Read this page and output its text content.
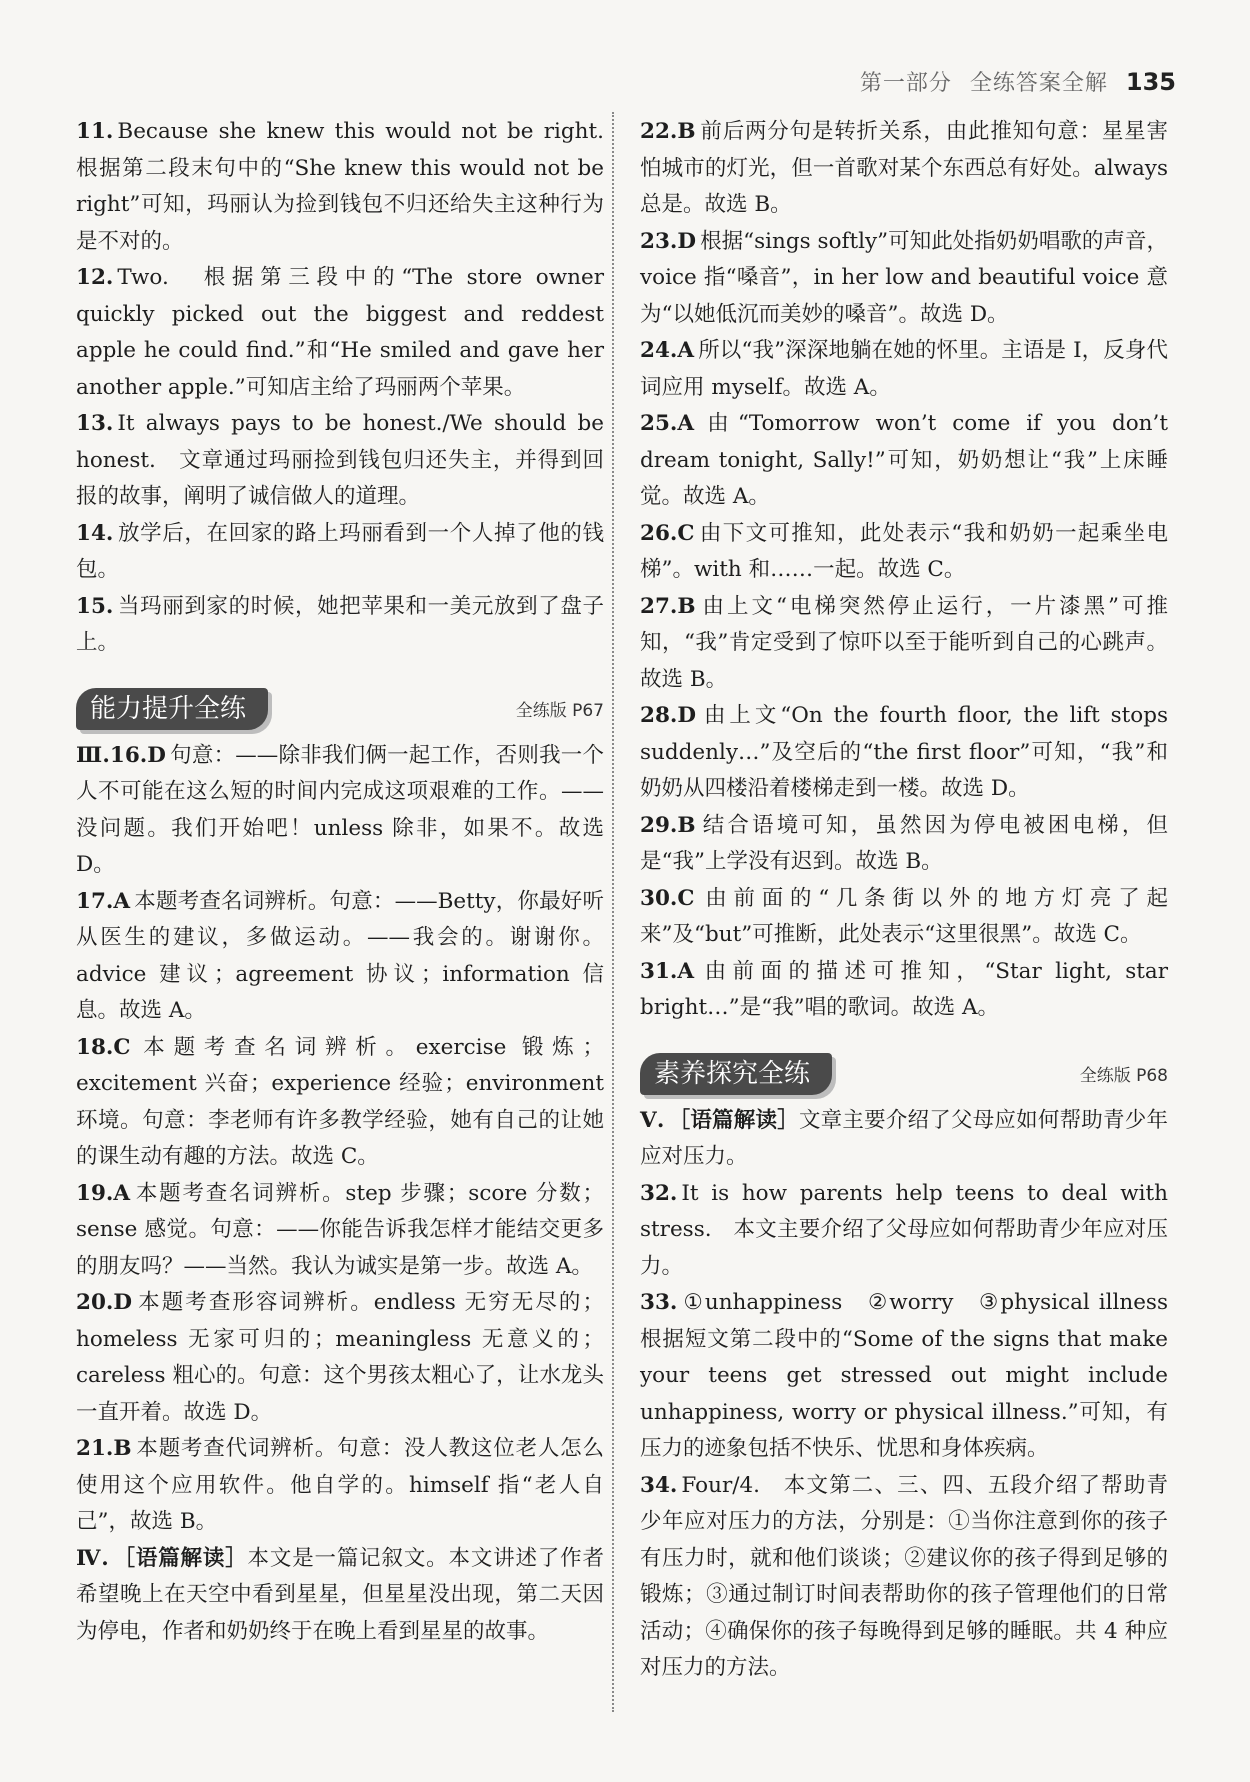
第一部分 全练答案全解 135

11. Because she knew this would not be right.　根据第二段末句中的“She knew this would not be right”可知，玛丽认为捡到钱包不归还给失主这种行为是不对的。

12. Two.　根据第三段中的“The store owner quickly picked out the biggest and reddest apple he could find.”和“He smiled and gave her another apple.”可知店主给了玛丽两个苹果。

13. It always pays to be honest./We should be honest.　文章通过玛丽捡到钱包归还失主，并得到回报的故事，阐明了诚信做人的道理。

14. 放学后，在回家的路上玛丽看到一个人掉了他的钱包。

15. 当玛丽到家的时候，她把苹果和一美元放到了盘子上。

能力提升全练	全练版 P67

Ⅲ.16.D 句意：——除非我们俩一起工作，否则我一个人不可能在这么短的时间内完成这项艰难的工作。——没问题。我们开始吧！unless 除非，如果不。故选 D。

17.A 本题考查名词辨析。句意：——Betty，你最好听从医生的建议，多做运动。——我会的。谢谢你。advice 建议；agreement 协议；information 信息。故选 A。

18.C 本题考查名词辨析。exercise 锻炼；excitement 兴奋；experience 经验；environment 环境。句意：李老师有许多教学经验，她有自己的让她的课生动有趣的方法。故选 C。

19.A 本题考查名词辨析。step 步骤；score 分数；sense 感觉。句意：——你能告诉我怎样才能结交更多的朋友吗？——当然。我认为诚实是第一步。故选 A。

20.D 本题考查形容词辨析。endless 无穷无尽的；homeless 无家可归的；meaningless 无意义的；careless 粗心的。句意：这个男孩太粗心了，让水龙头一直开着。故选 D。

21.B 本题考查代词辨析。句意：没人教这位老人怎么使用这个应用软件。他自学的。himself 指“老人自己”，故选 B。

Ⅳ. ［语篇解读］本文是一篇记叙文。本文讲述了作者希望晚上在天空中看到星星，但星星没出现，第二天因为停电，作者和奶奶终于在晚上看到星星的故事。

22.B 前后两分句是转折关系，由此推知句意：星星害怕城市的灯光，但一首歌对某个东西总有好处。always 总是。故选 B。

23.D 根据“sings softly”可知此处指奶奶唱歌的声音，voice 指“嗓音”，in her low and beautiful voice 意为“以她低沉而美妙的嗓音”。故选 D。

24.A 所以“我”深深地躺在她的怀里。主语是 I，反身代词应用 myself。故选 A。

25.A 由“Tomorrow won’t come if you don’t dream tonight, Sally!”可知，奶奶想让“我”上床睡觉。故选 A。

26.C 由下文可推知，此处表示“我和奶奶一起乘坐电梯”。with 和……一起。故选 C。

27.B 由上文“电梯突然停止运行，一片漆黑”可推知，“我”肯定受到了惊吓以至于能听到自己的心跳声。故选 B。

28.D 由上文“On the fourth floor, the lift stops suddenly…”及空后的“the first floor”可知，“我”和奶奶从四楼沿着楼梯走到一楼。故选 D。

29.B 结合语境可知，虽然因为停电被困电梯，但是“我”上学没有迟到。故选 B。

30.C 由前面的“几条街以外的地方灯亮了起来”及“but”可推断，此处表示“这里很黑”。故选 C。

31.A 由前面的描述可推知，“Star light, star bright…”是“我”唱的歌词。故选 A。

素养探究全练	全练版 P68

Ⅴ. ［语篇解读］文章主要介绍了父母应如何帮助青少年应对压力。

32. It is how parents help teens to deal with stress.　本文主要介绍了父母应如何帮助青少年应对压力。

33. ①unhappiness　②worry　③physical illness　根据短文第二段中的“Some of the signs that make your teens get stressed out might include unhappiness, worry or physical illness.”可知，有压力的迹象包括不快乐、忧思和身体疾病。

34. Four/4.　本文第二、三、四、五段介绍了帮助青少年应对压力的方法，分别是：①当你注意到你的孩子有压力时，就和他们谈谈；②建议你的孩子得到足够的锻炼；③通过制订时间表帮助你的孩子管理他们的日常活动；④确保你的孩子每晚得到足够的睡眠。共 4 种应对压力的方法。
